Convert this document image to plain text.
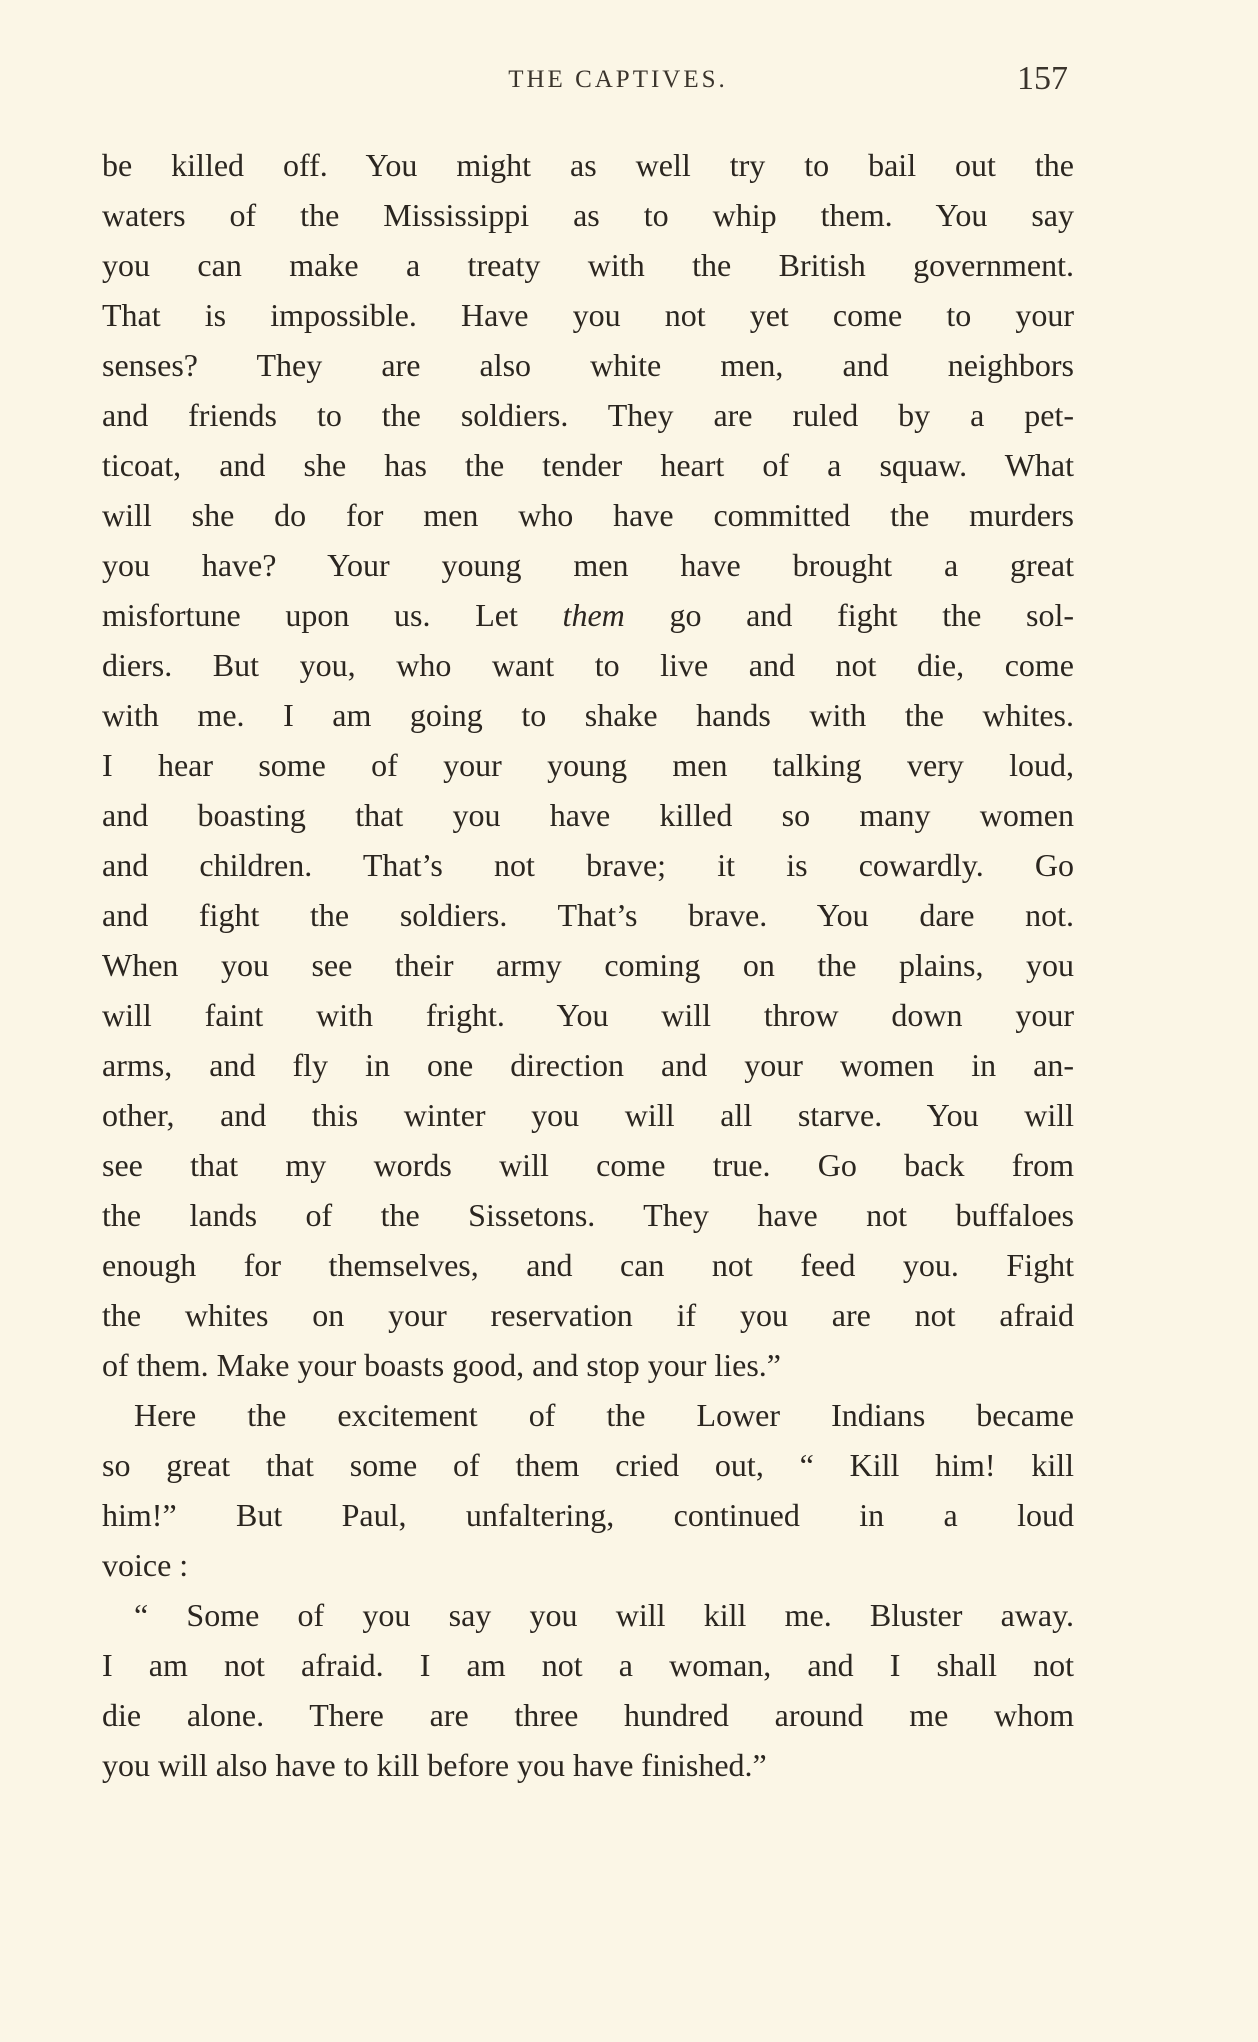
THE CAPTIVES.	157
be killed off. You might as well try to bail out the
waters of the Mississippi as to whip them. You say
you can make a treaty with the British government.
That is impossible. Have you not yet come to your
senses? They are also white men, and neighbors
and friends to the soldiers. They are ruled by a pet-
ticoat, and she has the tender heart of a squaw. What
will she do for men who have committed the murders
you have? Your young men have brought a great
misfortune upon us. Let them go and fight the sol-
diers. But you, who want to live and not die, come
with me. I am going to shake hands with the whites.
I hear some of your young men talking very loud,
and boasting that you have killed so many women
and children. That’s not brave; it is cowardly. Go
and fight the soldiers. That’s brave. You dare not.
When you see their army coming on the plains, you
will faint with fright. You will throw down your
arms, and fly in one direction and your women in an-
other, and this winter you will all starve. You will
see that my words will come true. Go back from
the lands of the Sissetons. They have not buffaloes
enough for themselves, and can not feed you. Fight
the whites on your reservation if you are not afraid
of them. Make your boasts good, and stop your lies.”
Here the excitement of the Lower Indians became
so great that some of them cried out, “ Kill him! kill
him!” But Paul, unfaltering, continued in a loud
voice :
“ Some of you say you will kill me. Bluster away.
I am not afraid. I am not a woman, and I shall not
die alone. There are three hundred around me whom
you will also have to kill before you have finished.”
